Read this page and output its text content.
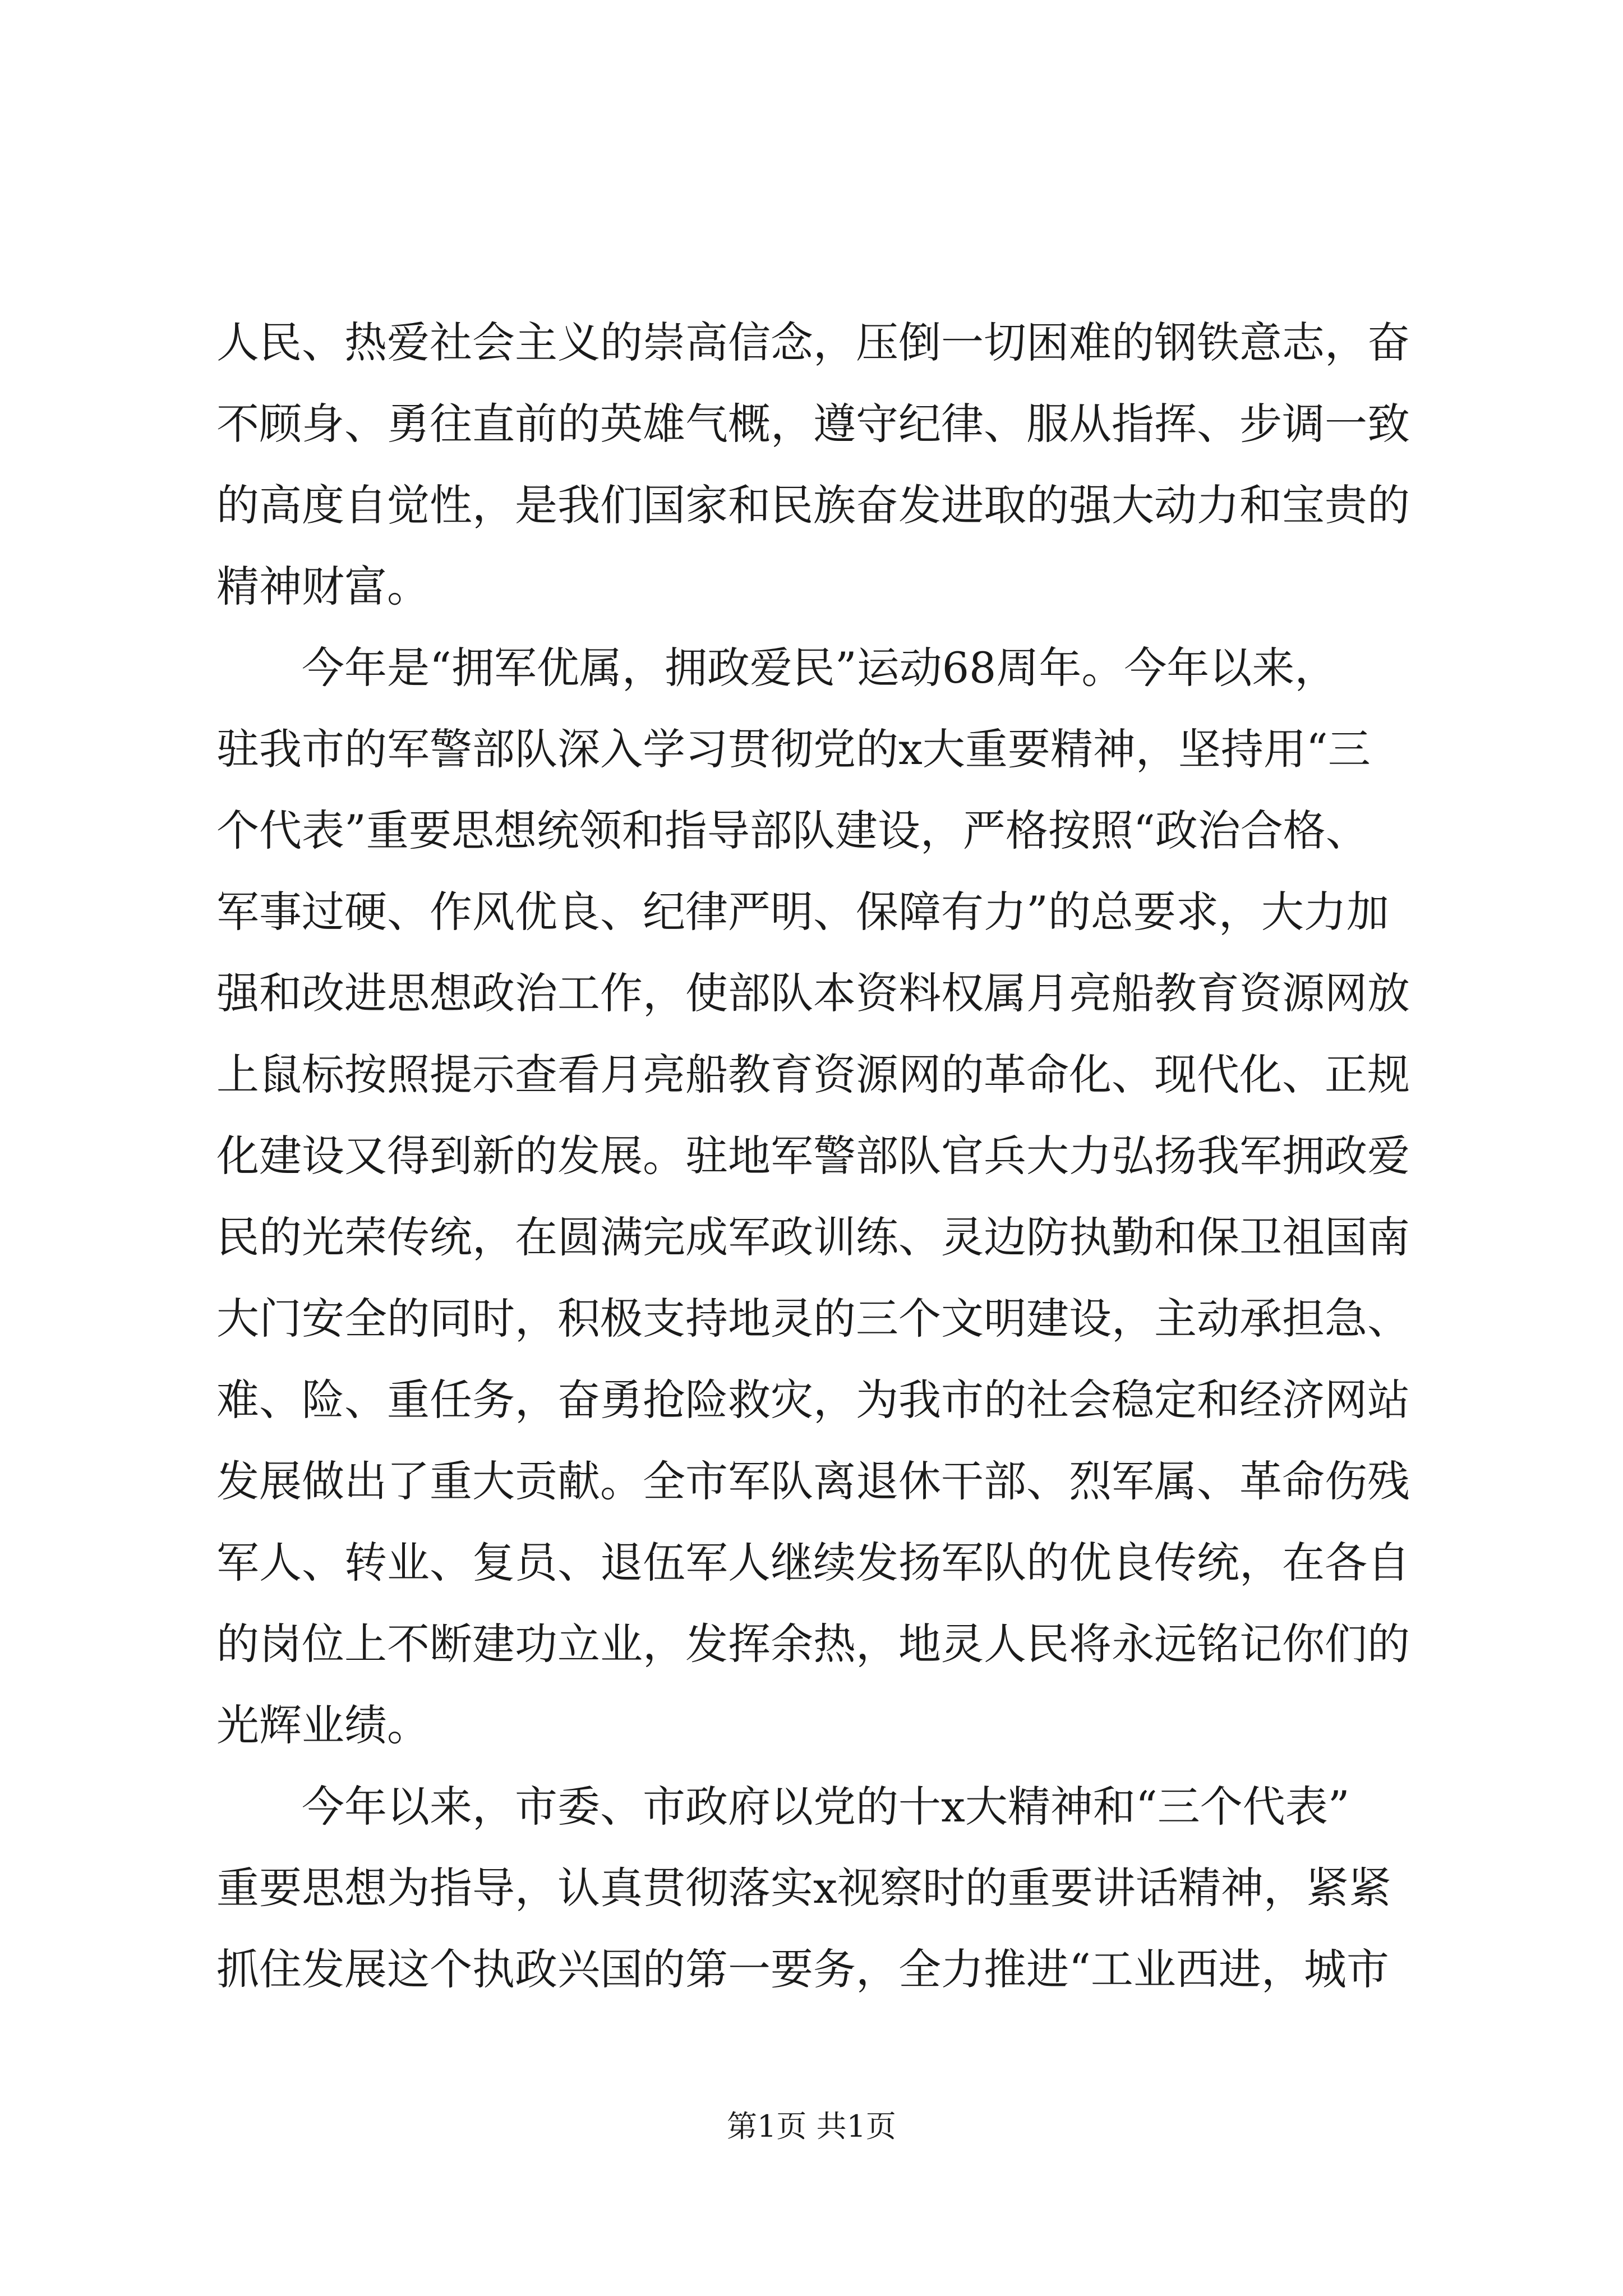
人民、热爱社会主义的崇高信念，压倒一切困难的钢铁意志，奋
不顾身、勇往直前的英雄气概，遵守纪律、服从指挥、步调一致
的高度自觉性，是我们国家和民族奋发进取的强大动力和宝贵的
精神财富。
今年是“拥军优属，拥政爱民”运动68周年。今年以来，
驻我市的军警部队深入学习贯彻党的x大重要精神，坚持用“三
个代表”重要思想统领和指导部队建设，严格按照“政治合格、
军事过硬、作风优良、纪律严明、保障有力”的总要求，大力加
强和改进思想政治工作，使部队本资料权属月亮船教育资源网放
上鼠标按照提示查看月亮船教育资源网的革命化、现代化、正规
化建设又得到新的发展。驻地军警部队官兵大力弘扬我军拥政爱
民的光荣传统，在圆满完成军政训练、灵边防执勤和保卫祖国南
大门安全的同时，积极支持地灵的三个文明建设，主动承担急、
难、险、重任务，奋勇抢险救灾，为我市的社会稳定和经济网站
发展做出了重大贡献。全市军队离退休干部、烈军属、革命伤残
军人、转业、复员、退伍军人继续发扬军队的优良传统，在各自
的岗位上不断建功立业，发挥余热，地灵人民将永远铭记你们的
光辉业绩。
今年以来，市委、市政府以党的十x大精神和“三个代表”
重要思想为指导，认真贯彻落实x视察时的重要讲话精神，紧紧
抓住发展这个执政兴国的第一要务，全力推进“工业西进，城市
第1页 共1页
